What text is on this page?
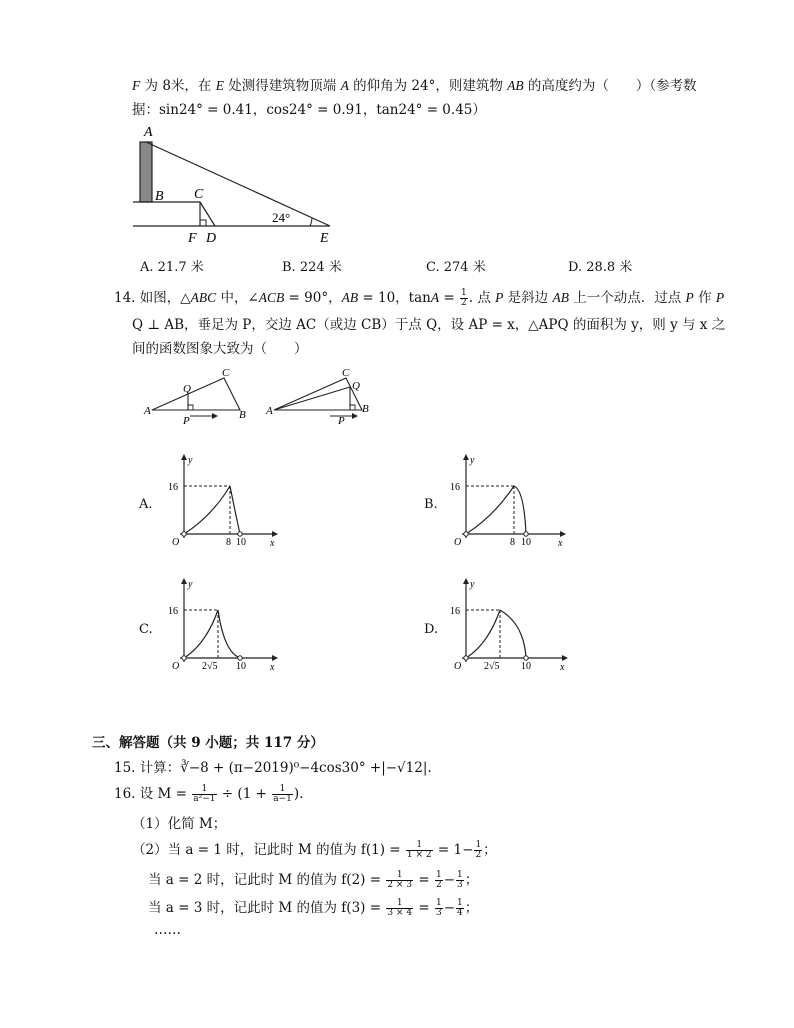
F 为 8米，在 E 处测得建筑物顶端 A 的仰角为 24°，则建筑物 AB 的高度约为（　　）（参考数
据：sin24° = 0.41，cos24° = 0.91，tan24° = 0.45）
A
B C
F D	E
24°
A. 21.7 米	B. 224 米	C. 274 米	D. 28.8 米
14. 如图，△ABC 中，∠ACB = 90°，AB = 10，$\tan A = \frac{1}{2}$ . 点 P 是斜边 AB 上一个动点．过点 P 作 P
Q ⊥ AB，垂足为 P，交边 AC（或边 CB）于点 Q，设 AP = x，△APQ 的面积为 y，则 y 与 x 之
间的函数图象大致为（　　）
A
C
B
Q
P
A
C
B
Q
P
A.
y
x
O
16
8 10
B.
y
x
O
16
8 10
C.
y
x
O
16
2√5 10
D.
y
x
O
16
2√5 10
三、解答题（共 9 小题；共 117 分）
15. 计算：∛−8 + (π−2019)⁰−4cos30° +|−√12|.
16. 设 $M = \frac{1}{\text{a²−1}} \div (1 + \frac{1}{a-1}$ ).
（1）化简 M；
（2）当 a = 1 时，记此时 M 的值为 $f(1) = \frac{1}{1 \times 2} = 1- \frac{1}{2}$ ；
当 a = 2 时，记此时 M 的值为 $f(2) = \frac{1}{2 \times 3} = \frac{1}{2} - \frac{1}{3}$ ；
当 a = 3 时，记此时 M 的值为 $f(3) = \frac{1}{3 \times 4} = \frac{1}{3} - \frac{1}{4}$ ；
……
